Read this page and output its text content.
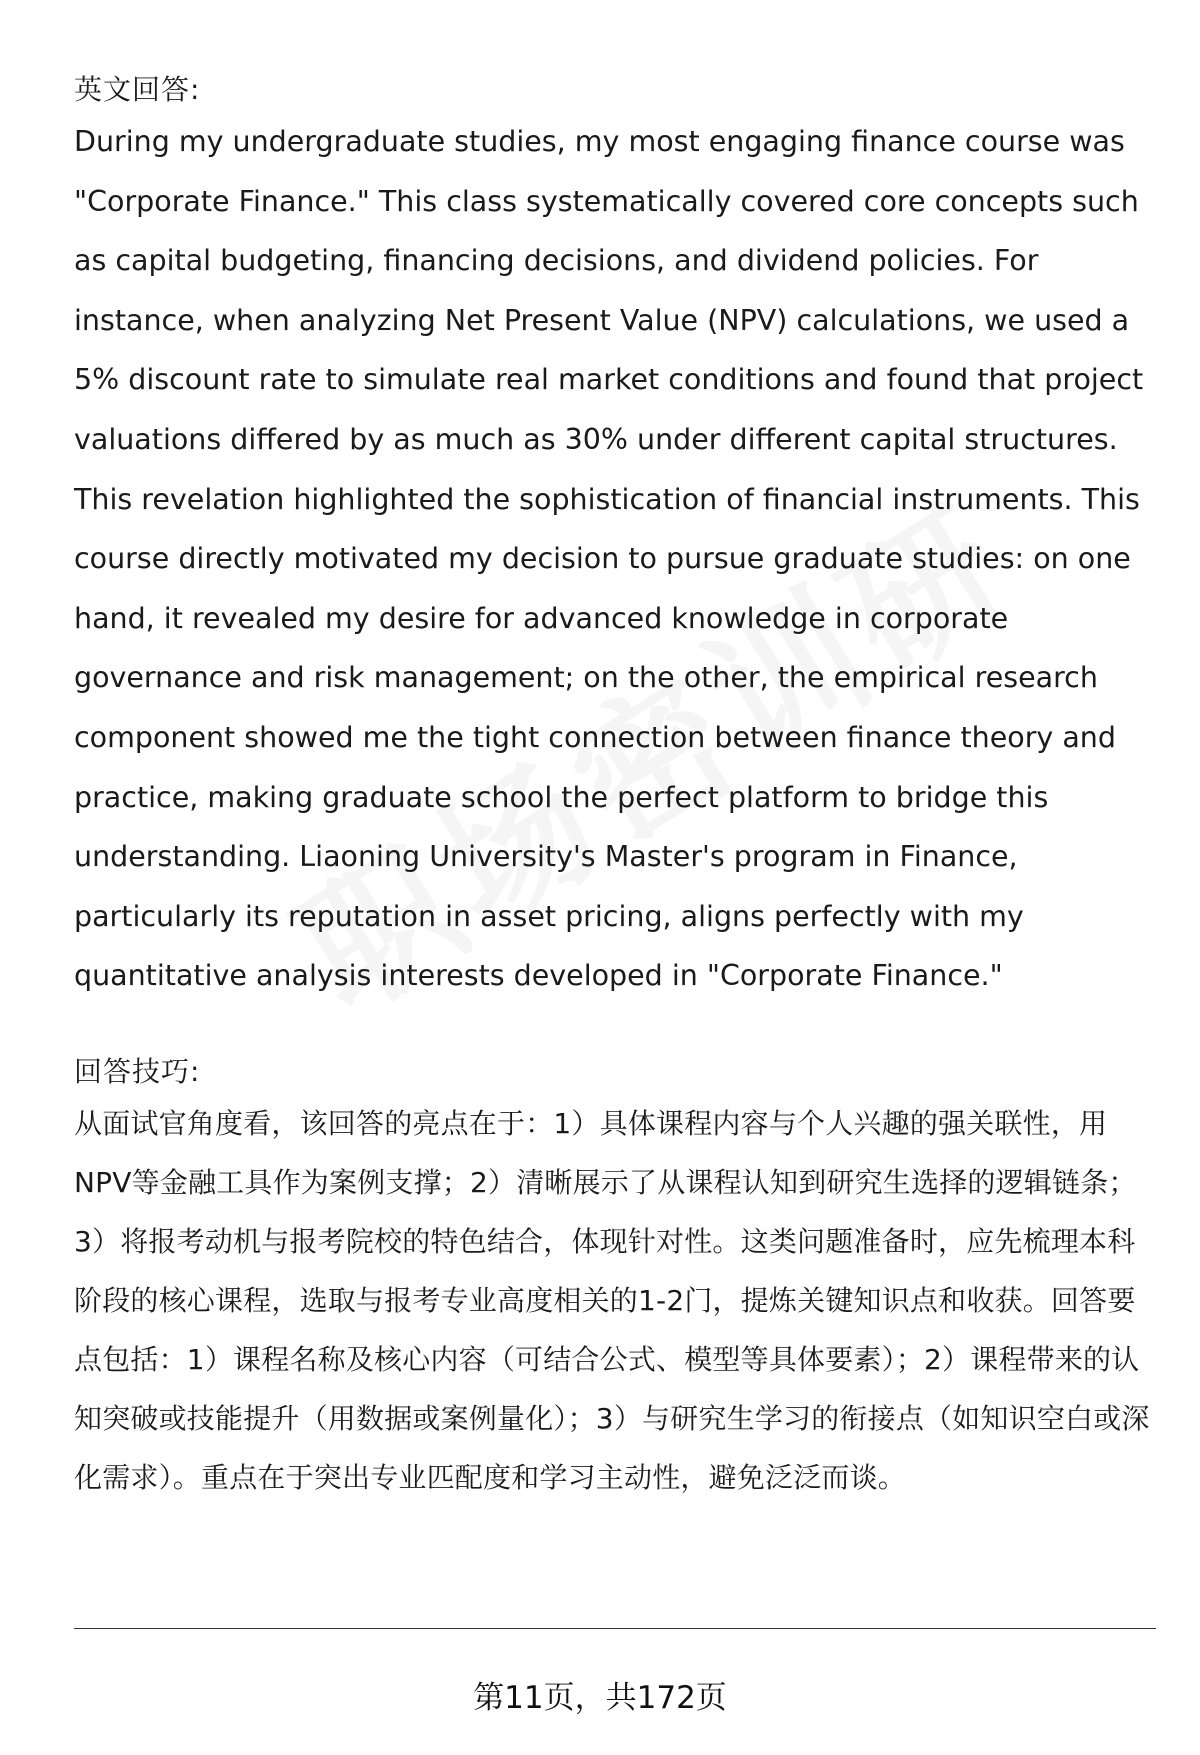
英文回答:

During my undergraduate studies, my most engaging finance course was "Corporate Finance." This class systematically covered core concepts such as capital budgeting, financing decisions, and dividend policies. For instance, when analyzing Net Present Value (NPV) calculations, we used a 5% discount rate to simulate real market conditions and found that project valuations differed by as much as 30% under different capital structures. This revelation highlighted the sophistication of financial instruments. This course directly motivated my decision to pursue graduate studies: on one hand, it revealed my desire for advanced knowledge in corporate governance and risk management; on the other, the empirical research component showed me the tight connection between finance theory and practice, making graduate school the perfect platform to bridge this understanding. Liaoning University's Master's program in Finance, particularly its reputation in asset pricing, aligns perfectly with my quantitative analysis interests developed in "Corporate Finance."

回答技巧:

从面试官角度看，该回答的亮点在于：1）具体课程内容与个人兴趣的强关联性，用NPV等金融工具作为案例支撑；2）清晰展示了从课程认知到研究生选择的逻辑链条；3）将报考动机与报考院校的特色结合，体现针对性。这类问题准备时，应先梳理本科阶段的核心课程，选取与报考专业高度相关的1-2门，提炼关键知识点和收获。回答要点包括：1）课程名称及核心内容（可结合公式、模型等具体要素）；2）课程带来的认知突破或技能提升（用数据或案例量化）；3）与研究生学习的衔接点（如知识空白或深化需求）。重点在于突出专业匹配度和学习主动性，避免泛泛而谈。

第11页，共172页
